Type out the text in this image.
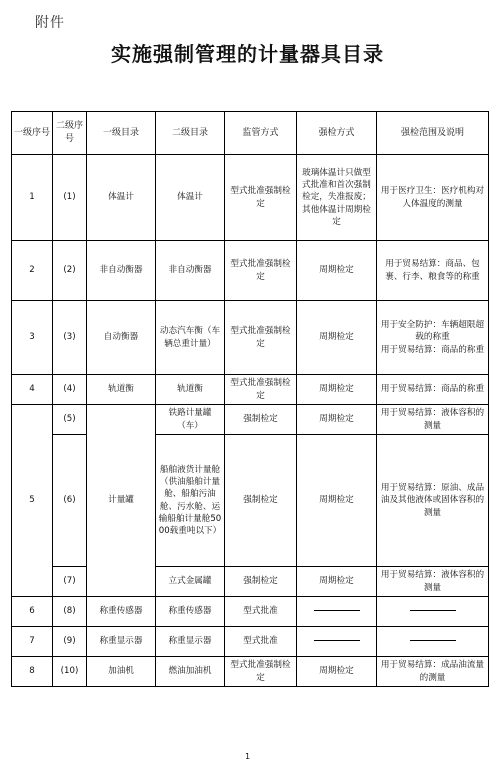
附件
实施强制管理的计量器具目录
一级序号	二级序号	一级目录	二级目录	监管方式	强检方式	强检范围及说明
1	(1)	体温计	体温计	型式批准强制检定	玻璃体温计只做型式批准和首次强制检定，失准报废；其他体温计周期检定	用于医疗卫生：医疗机构对人体温度的测量
2	(2)	非自动衡器	非自动衡器	型式批准强制检定	周期检定	用于贸易结算：商品、包裹、行李、粮食等的称重
3	(3)	自动衡器	动态汽车衡（车辆总重计量）	型式批准强制检定	周期检定	用于安全防护：车辆超限超载的称重
用于贸易结算：商品的称重
4	(4)	轨道衡	轨道衡	型式批准强制检定	周期检定	用于贸易结算：商品的称重
5	(5)	计量罐	铁路计量罐（车）	强制检定	周期检定	用于贸易结算：液体容积的测量
	(6)		船舶液货计量舱（供油船舶计量舱、船舶污油舱、污水舱、运输船舶计量舱5000载重吨以下）	强制检定	周期检定	用于贸易结算：原油、成品油及其他液体或固体容积的测量
	(7)		立式金属罐	强制检定	周期检定	用于贸易结算：液体容积的测量
6	(8)	称重传感器	称重传感器	型式批准		
7	(9)	称重显示器	称重显示器	型式批准		
8	(10)	加油机	燃油加油机	型式批准强制检定	周期检定	用于贸易结算：成品油流量的测量
1
